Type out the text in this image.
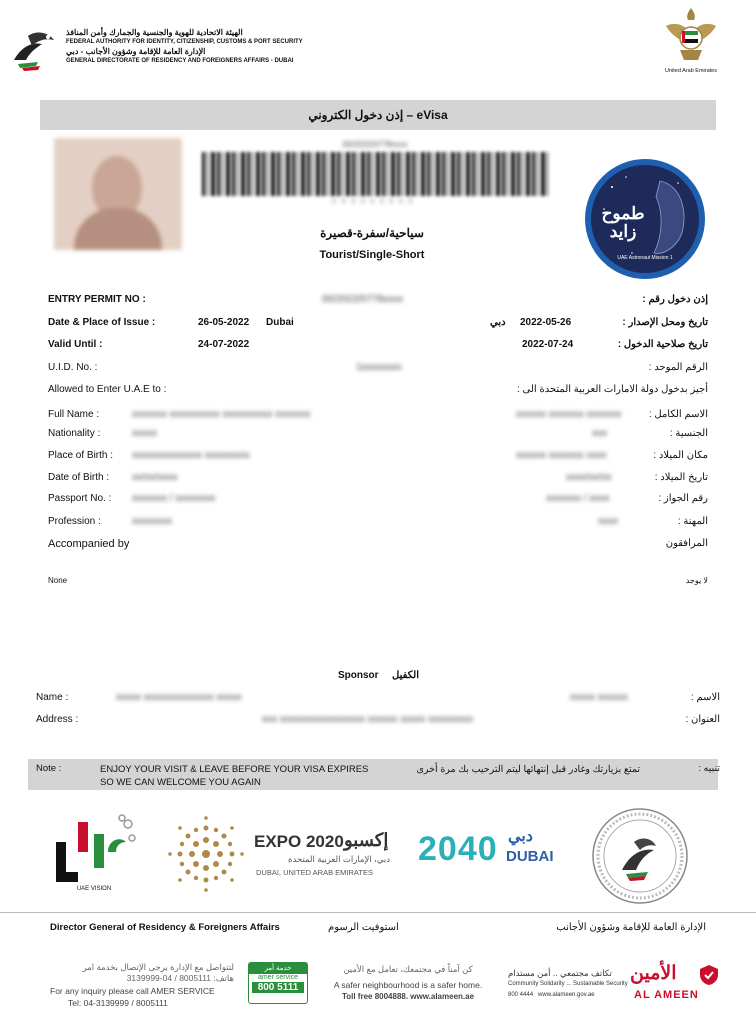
الهيئة الاتحادية للهوية والجنسية والجمارك وأمن المنافذ
FEDERAL AUTHORITY FOR IDENTITY, CITIZENSHIP, CUSTOMS & PORT SECURITY
الإدارة العامة للإقامة وشؤون الأجانب - دبي
GENERAL DIRECTORATE OF RESIDENCY AND FOREIGNERS AFFAIRS - DUBAI
United Arab Emirates
إذن دخول الكتروني – eVisa
00/2022/0778xxxx
1xxxxxxxx
سياحية/سفرة-قصيرة
Tourist/Single-Short
طموح زايد
UAE Astronaut Mission 1
ENTRY PERMIT NO :	00/2022/0778xxxx	إذن دخول رقم :
Date & Place of Issue :	26-05-2022 Dubai	دبي 2022-05-26	تاريخ ومحل الإصدار :
Valid Until :	24-07-2022	2022-07-24	تاريخ صلاحية الدخول :
U.I.D. No. :	1xxxxxxxx	الرقم الموحد :
Allowed to Enter U.A.E to :	أجيز بدخول دولة الامارات العربية المتحدة الى :
Full Name :	xxxxxxx xxxxxxxxxx xxxxxxxxxx xxxxxxx	xxxxxx xxxxxxx xxxxxxx	الاسم الكامل :
Nationality :	xxxxx	xxx	الجنسية :
Place of Birth : xxxxxxxxxxxxxx xxxxxxxxx	xxxxxx xxxxxxx xxxx	مكان الميلاد :
Date of Birth : xx/xx/xxxx	xxxx/xx/xx	تاريخ الميلاد :
Passport No. : xxxxxxx / xxxxxxxx	xxxxxxx / xxxx	رقم الجواز :
Profession :	xxxxxxxx	xxxx	المهنة :
Accompanied by	المرافقون
None	لا يوجد
Sponsor الكفيل
Name :	xxxxx xxxxxxxxxxxxxx xxxxx	xxxxx xxxxxx	الاسم :
Address :	xxx xxxxxxxxxxxxxxxxx xxxxxx xxxxx xxxxxxxxx	العنوان :
Note :	ENJOY YOUR VISIT & LEAVE BEFORE YOUR VISA EXPIRES SO WE CAN WELCOME YOU AGAIN
تمتع بزيارتك وغادر قبل إنتهائها ليتم الترحيب بك مرة أخرى	تنبيه :
UAE VISION
EXPO 2020 إكسبو
دبي، الإمارات العربية المتحدة
DUBAI, UNITED ARAB EMIRATES
2040 دبي
DUBAI
Director General of Residency & Foreigners Affairs	استوفيت الرسوم	الإدارة العامة للإقامة وشؤون الأجانب
لتتواصل مع الإدارة يرجى الإتصال بخدمة امر
هاتف: 8005111 / 04-3139999
For any inquiry please call AMER SERVICE
Tel: 04-3139999 / 8005111
خدمة أمر
amer service
800 5111
كن آمناً في مجتمعك، تعامل مع الأمين
A safer neighbourhood is a safer home.
Toll free 8004888. www.alameen.ae
تكاتف مجتمعي .. أمن مستدام
Community Solidarity ... Sustainable Security
800 4444   www.alameen.gov.ae
الأمين
AL AMEEN
